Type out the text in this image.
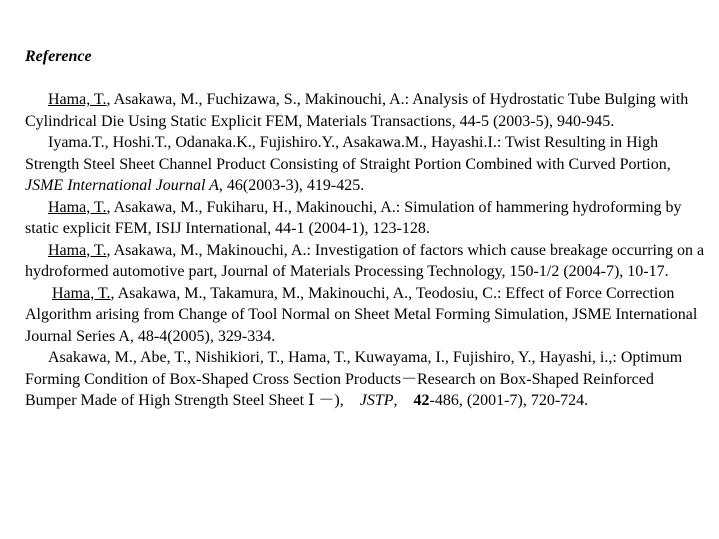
Reference

Hama, T., Asakawa, M., Fuchizawa, S., Makinouchi, A.: Analysis of Hydrostatic Tube Bulging with Cylindrical Die Using Static Explicit FEM, Materials Transactions, 44-5 (2003-5), 940-945.

Iyama.T., Hoshi.T., Odanaka.K., Fujishiro.Y., Asakawa.M., Hayashi.I.: Twist Resulting in High Strength Steel Sheet Channel Product Consisting of Straight Portion Combined with Curved Portion, JSME International Journal A, 46(2003-3), 419-425.

Hama, T., Asakawa, M., Fukiharu, H., Makinouchi, A.: Simulation of hammering hydroforming by static explicit FEM, ISIJ International, 44-1 (2004-1), 123-128.

Hama, T., Asakawa, M., Makinouchi, A.: Investigation of factors which cause breakage occurring on a hydroformed automotive part, Journal of Materials Processing Technology, 150-1/2 (2004-7), 10-17.

Hama, T., Asakawa, M., Takamura, M., Makinouchi, A., Teodosiu, C.: Effect of Force Correction Algorithm arising from Change of Tool Normal on Sheet Metal Forming Simulation, JSME International Journal Series A, 48-4(2005), 329-334.

Asakawa, M., Abe, T., Nishikiori, T., Hama, T., Kuwayama, I., Fujishiro, Y., Hayashi, i.,: Optimum Forming Condition of Box-Shaped Cross Section Products－Research on Box-Shaped Reinforced Bumper Made of High Strength Steel Sheet Ⅰ －),　JSTP,　42-486, (2001-7), 720-724.
